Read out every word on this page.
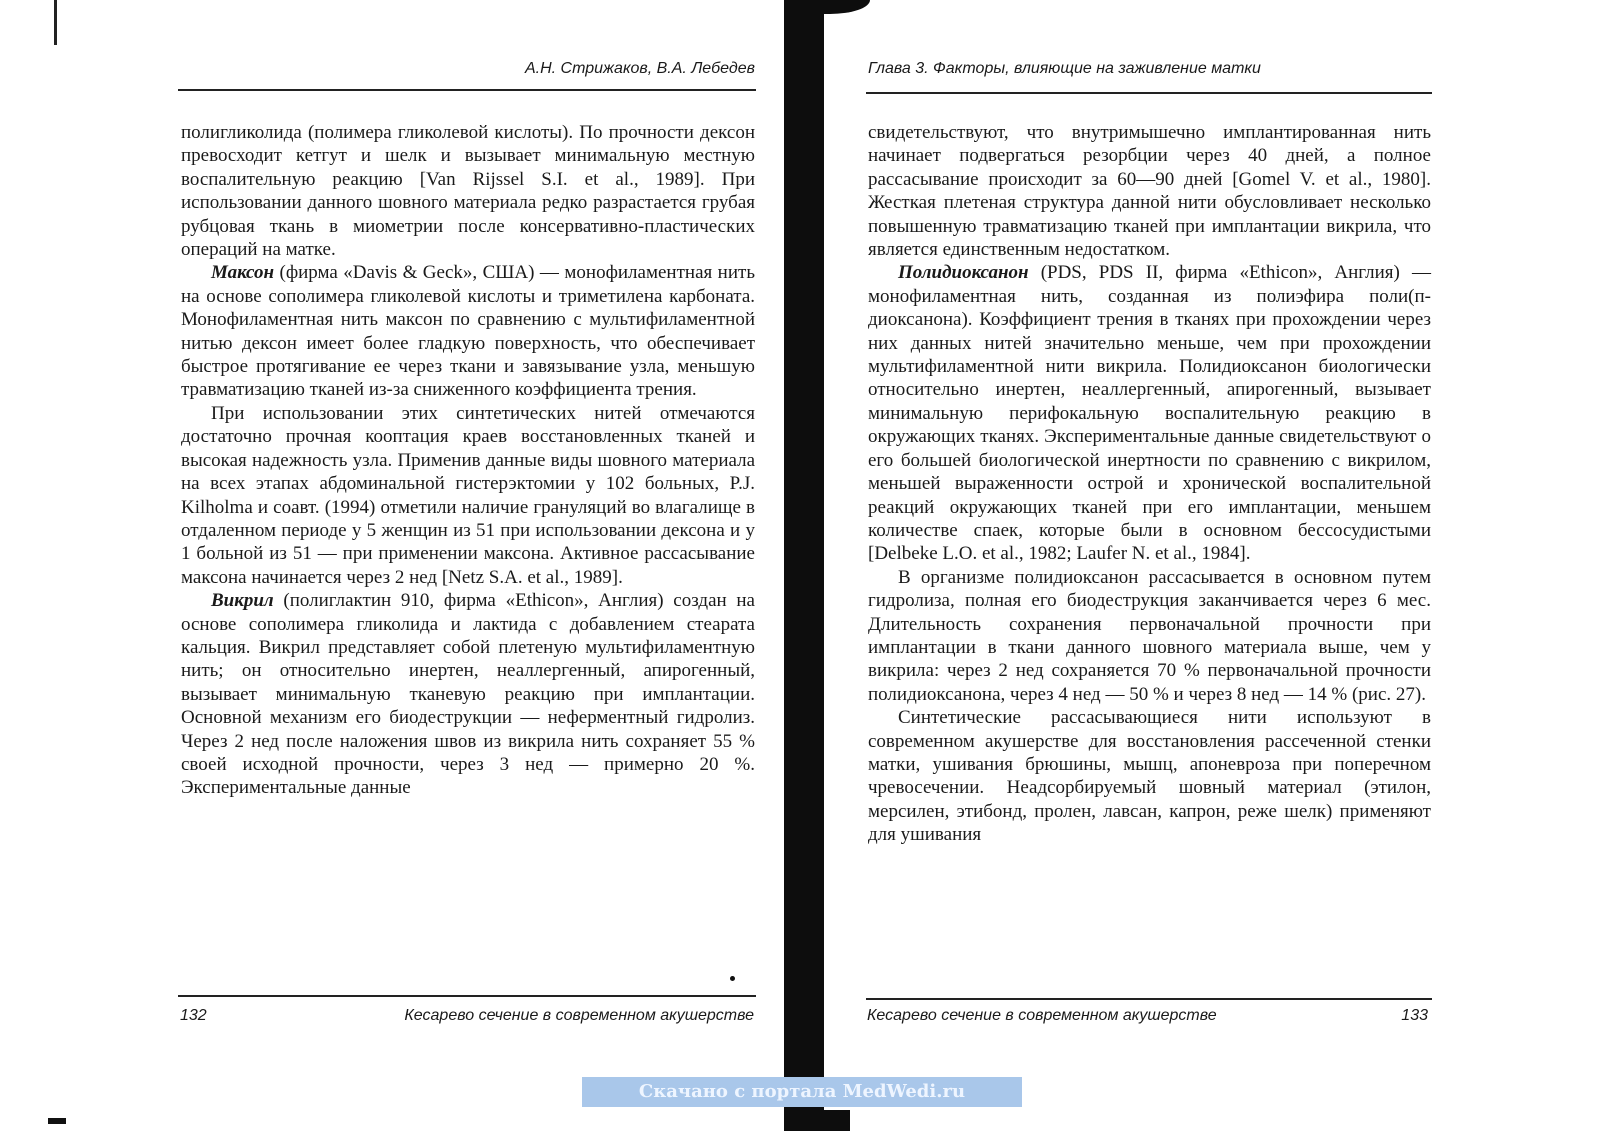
А.Н. Стрижаков, В.А. Лебедев

полигликолида (полимера гликолевой кислоты). По прочности дексон превосходит кетгут и шелк и вызывает минимальную местную воспалительную реакцию [Van Rijssel S.I. et al., 1989]. При использовании данного шовного материала редко разрастается грубая рубцовая ткань в миометрии после консервативно-пластических операций на матке.

Максон (фирма «Davis & Geck», США) — монофиламентная нить на основе сополимера гликолевой кислоты и триметилена карбоната. Монофиламентная нить максон по сравнению с мультифиламентной нитью дексон имеет более гладкую поверхность, что обеспечивает быстрое протягивание ее через ткани и завязывание узла, меньшую травматизацию тканей из-за сниженного коэффициента трения.

При использовании этих синтетических нитей отмечаются достаточно прочная кооптация краев восстановленных тканей и высокая надежность узла. Применив данные виды шовного материала на всех этапах абдоминальной гистерэктомии у 102 больных, P.J. Kilholma и соавт. (1994) отметили наличие грануляций во влагалище в отдаленном периоде у 5 женщин из 51 при использовании дексона и у 1 больной из 51 — при применении максона. Активное рассасывание максона начинается через 2 нед [Netz S.A. et al., 1989].

Викрил (полиглактин 910, фирма «Ethicon», Англия) создан на основе сополимера гликолида и лактида с добавлением стеарата кальция. Викрил представляет собой плетеную мультифиламентную нить; он относительно инертен, неаллергенный, апирогенный, вызывает минимальную тканевую реакцию при имплантации. Основной механизм его биодеструкции — неферментный гидролиз. Через 2 нед после наложения швов из викрила нить сохраняет 55 % своей исходной прочности, через 3 нед — примерно 20 %. Экспериментальные данные

132	Кесарево сечение в современном акушерстве
Глава 3. Факторы, влияющие на заживление матки

свидетельствуют, что внутримышечно имплантированная нить начинает подвергаться резорбции через 40 дней, а полное рассасывание происходит за 60—90 дней [Gomel V. et al., 1980]. Жесткая плетеная структура данной нити обусловливает несколько повышенную травматизацию тканей при имплантации викрила, что является единственным недостатком.

Полидиоксанон (PDS, PDS II, фирма «Ethicon», Англия) — монофиламентная нить, созданная из полиэфира поли(п-диоксанона). Коэффициент трения в тканях при прохождении через них данных нитей значительно меньше, чем при прохождении мультифиламентной нити викрила. Полидиоксанон биологически относительно инертен, неаллергенный, апирогенный, вызывает минимальную перифокальную воспалительную реакцию в окружающих тканях. Экспериментальные данные свидетельствуют о его большей биологической инертности по сравнению с викрилом, меньшей выраженности острой и хронической воспалительной реакций окружающих тканей при его имплантации, меньшем количестве спаек, которые были в основном бессосудистыми [Delbeke L.O. et al., 1982; Laufer N. et al., 1984].

В организме полидиоксанон рассасывается в основном путем гидролиза, полная его биодеструкция заканчивается через 6 мес. Длительность сохранения первоначальной прочности при имплантации в ткани данного шовного материала выше, чем у викрила: через 2 нед сохраняется 70 % первоначальной прочности полидиоксанона, через 4 нед — 50 % и через 8 нед — 14 % (рис. 27).

Синтетические рассасывающиеся нити используют в современном акушерстве для восстановления рассеченной стенки матки, ушивания брюшины, мышц, апоневроза при поперечном чревосечении. Неадсорбируемый шовный материал (этилон, мерсилен, этибонд, пролен, лавсан, капрон, реже шелк) применяют для ушивания

Кесарево сечение в современном акушерстве	133
Скачано с портала MedWedi.ru
